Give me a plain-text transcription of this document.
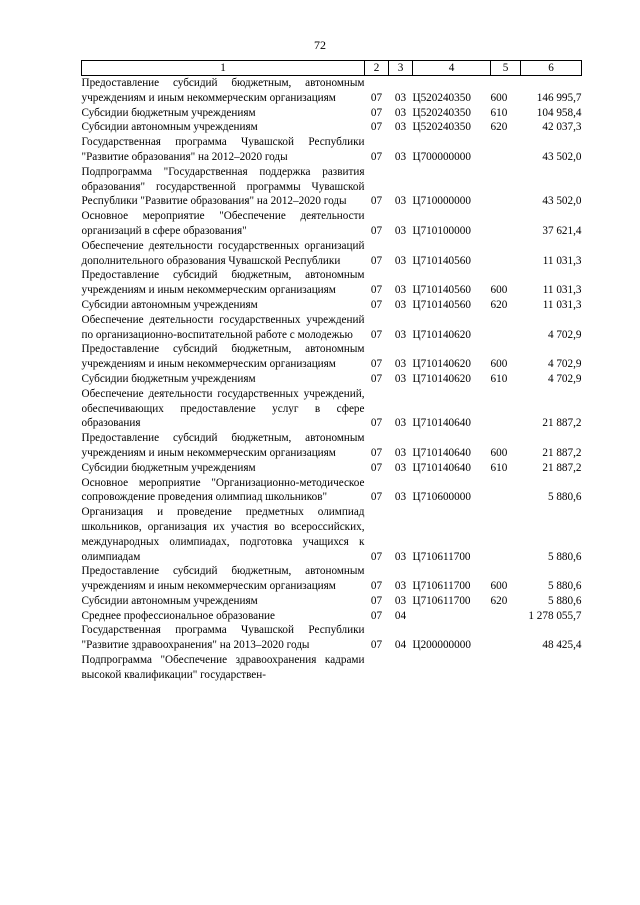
72
1	2	3	4	5	6
Предоставление субсидий бюджетным, автономным учреждениям и иным некоммерческим организациям	07	03	Ц520240350	600	146 995,7
Субсидии бюджетным учреждениям	07	03	Ц520240350	610	104 958,4
Субсидии автономным учреждениям	07	03	Ц520240350	620	42 037,3
Государственная программа Чувашской Республики "Развитие образования" на 2012–2020 годы	07	03	Ц700000000		43 502,0
Подпрограмма "Государственная поддержка развития образования" государственной программы Чувашской Республики "Развитие образования" на 2012–2020 годы	07	03	Ц710000000		43 502,0
Основное мероприятие "Обеспечение деятельности организаций в сфере образования"	07	03	Ц710100000		37 621,4
Обеспечение деятельности государственных организаций дополнительного образования Чувашской Республики	07	03	Ц710140560		11 031,3
Предоставление субсидий бюджетным, автономным учреждениям и иным некоммерческим организациям	07	03	Ц710140560	600	11 031,3
Субсидии автономным учреждениям	07	03	Ц710140560	620	11 031,3
Обеспечение деятельности государственных учреждений по организационно-воспитательной работе с молодежью	07	03	Ц710140620		4 702,9
Предоставление субсидий бюджетным, автономным учреждениям и иным некоммерческим организациям	07	03	Ц710140620	600	4 702,9
Субсидии бюджетным учреждениям	07	03	Ц710140620	610	4 702,9
Обеспечение деятельности государственных учреждений, обеспечивающих предоставление услуг в сфере образования	07	03	Ц710140640		21 887,2
Предоставление субсидий бюджетным, автономным учреждениям и иным некоммерческим организациям	07	03	Ц710140640	600	21 887,2
Субсидии бюджетным учреждениям	07	03	Ц710140640	610	21 887,2
Основное мероприятие "Организационно-методическое сопровождение проведения олимпиад школьников"	07	03	Ц710600000		5 880,6
Организация и проведение предметных олимпиад школьников, организация их участия во всероссийских, международных олимпиадах, подготовка учащихся к олимпиадам	07	03	Ц710611700		5 880,6
Предоставление субсидий бюджетным, автономным учреждениям и иным некоммерческим организациям	07	03	Ц710611700	600	5 880,6
Субсидии автономным учреждениям	07	03	Ц710611700	620	5 880,6
Среднее профессиональное образование	07	04			1 278 055,7
Государственная программа Чувашской Республики "Развитие здравоохранения" на 2013–2020 годы	07	04	Ц200000000		48 425,4
Подпрограмма "Обеспечение здравоохранения кадрами высокой квалификации" государствен-					
